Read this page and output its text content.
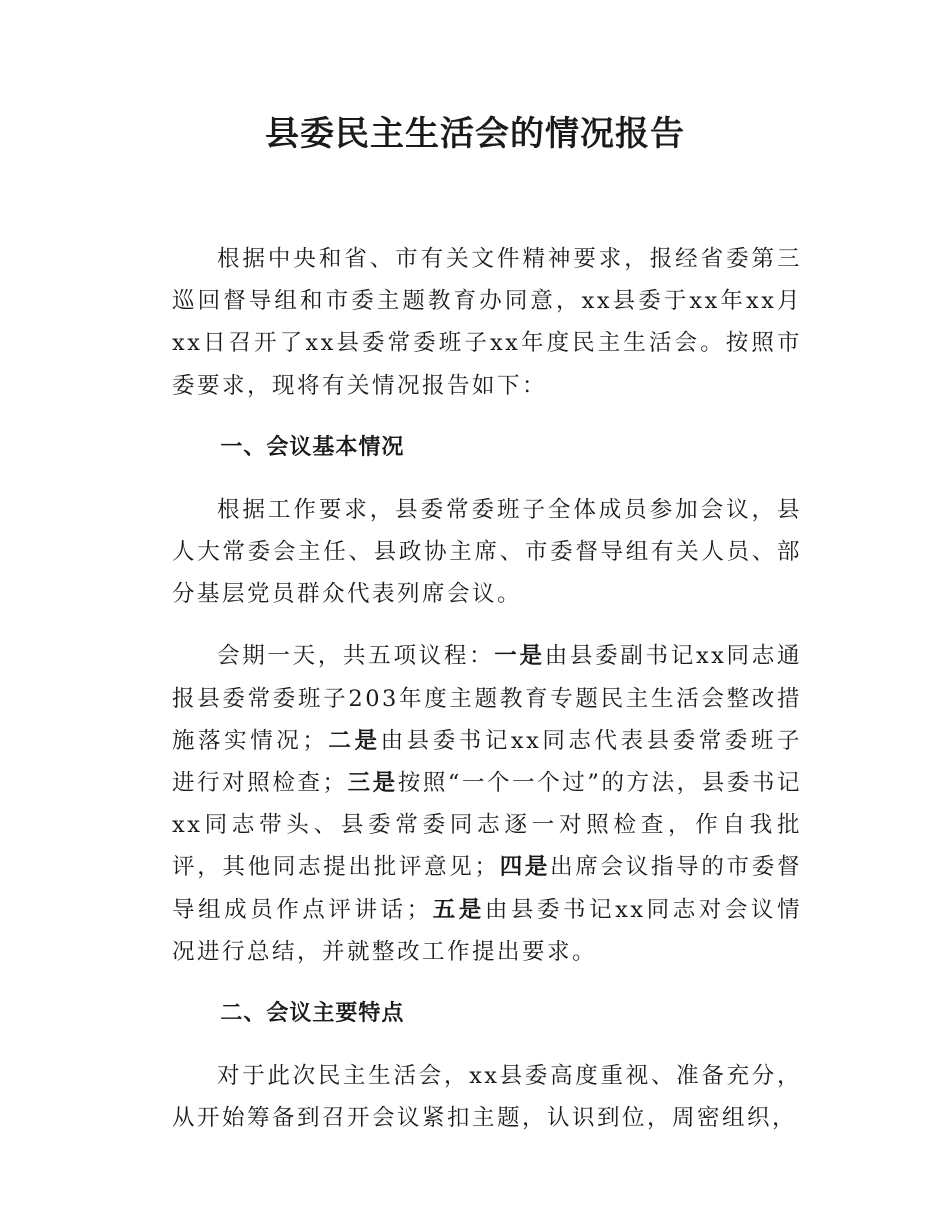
县委民主生活会的情况报告

根据中央和省、市有关文件精神要求，报经省委第三巡回督导组和市委主题教育办同意，xx县委于xx年xx月xx日召开了xx县委常委班子xx年度民主生活会。按照市委要求，现将有关情况报告如下：

一、会议基本情况

根据工作要求，县委常委班子全体成员参加会议，县人大常委会主任、县政协主席、市委督导组有关人员、部分基层党员群众代表列席会议。

会期一天，共五项议程：一是由县委副书记xx同志通报县委常委班子203年度主题教育专题民主生活会整改措施落实情况；二是由县委书记xx同志代表县委常委班子进行对照检查；三是按照“一个一个过”的方法，县委书记xx同志带头、县委常委同志逐一对照检查，作自我批评，其他同志提出批评意见；四是出席会议指导的市委督导组成员作点评讲话；五是由县委书记xx同志对会议情况进行总结，并就整改工作提出要求。

二、会议主要特点

对于此次民主生活会，xx县委高度重视、准备充分，从开始筹备到召开会议紧扣主题，认识到位，周密组织，
